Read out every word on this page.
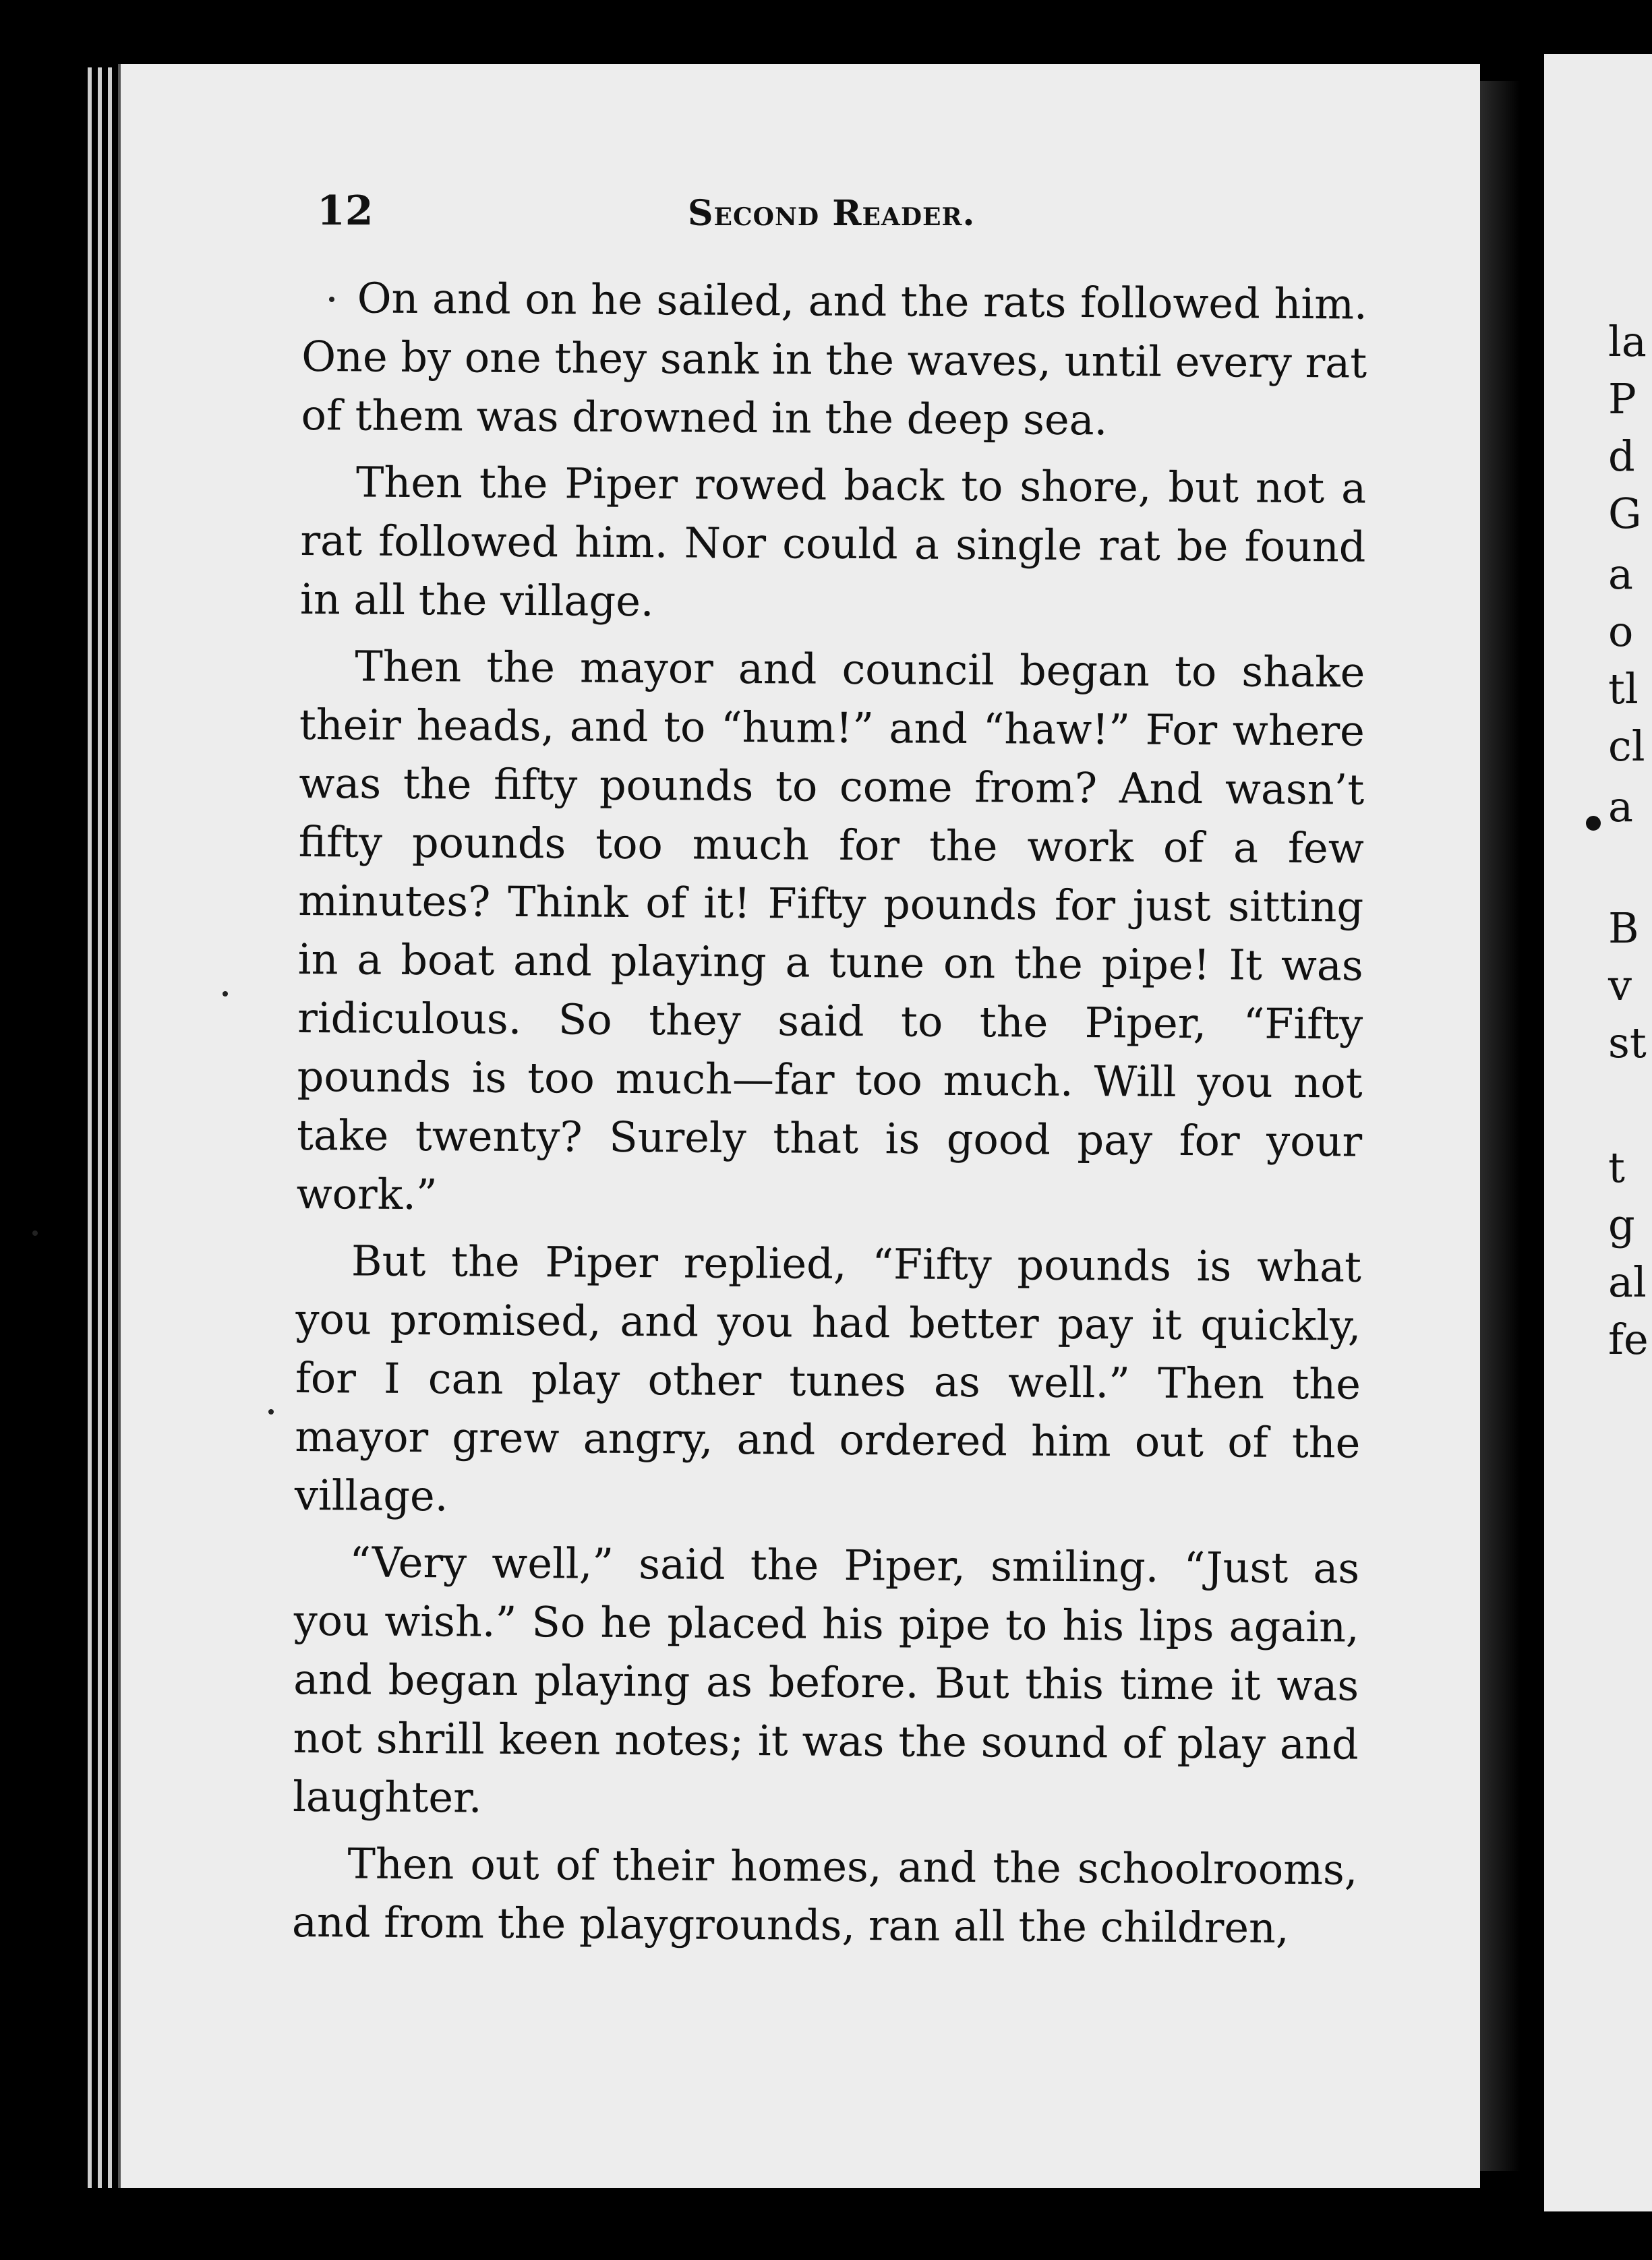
12	Second Reader.

On and on he sailed, and the rats followed him. One by one they sank in the waves, until every rat of them was drowned in the deep sea.

Then the Piper rowed back to shore, but not a rat followed him. Nor could a single rat be found in all the village.

Then the mayor and council began to shake their heads, and to “hum!” and “haw!” For where was the fifty pounds to come from? And wasn’t fifty pounds too much for the work of a few minutes? Think of it! Fifty pounds for just sitting in a boat and playing a tune on the pipe! It was ridiculous. So they said to the Piper, “Fifty pounds is too much—far too much. Will you not take twenty? Surely that is good pay for your work.”

But the Piper replied, “Fifty pounds is what you promised, and you had better pay it quickly, for I can play other tunes as well.” Then the mayor grew angry, and ordered him out of the village.

“Very well,” said the Piper, smiling. “Just as you wish.” So he placed his pipe to his lips again, and began playing as before. But this time it was not shrill keen notes; it was the sound of play and laughter.

Then out of their homes, and the schoolrooms, and from the playgrounds, ran all the children,

la
P
d
G
a
o
tl
cl
a
B
v
st
t
g
al
fe
